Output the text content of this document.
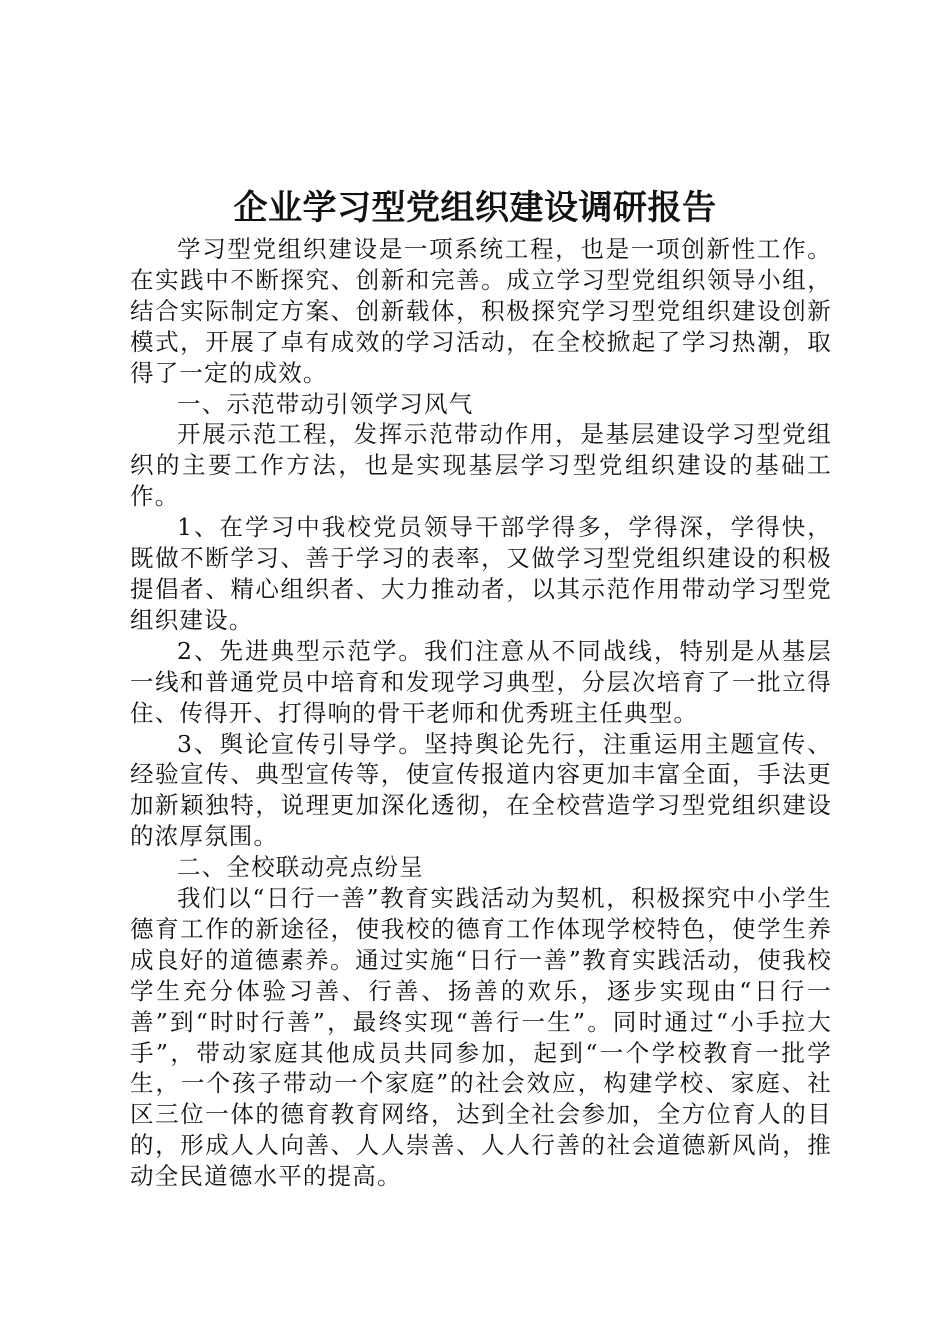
企业学习型党组织建设调研报告

学习型党组织建设是一项系统工程，也是一项创新性工作。在实践中不断探究、创新和完善。成立学习型党组织领导小组，结合实际制定方案、创新载体，积极探究学习型党组织建设创新模式，开展了卓有成效的学习活动，在全校掀起了学习热潮，取得了一定的成效。

一、示范带动引领学习风气

开展示范工程，发挥示范带动作用，是基层建设学习型党组织的主要工作方法，也是实现基层学习型党组织建设的基础工作。

1、在学习中我校党员领导干部学得多，学得深，学得快，既做不断学习、善于学习的表率，又做学习型党组织建设的积极提倡者、精心组织者、大力推动者，以其示范作用带动学习型党组织建设。

2、先进典型示范学。我们注意从不同战线，特别是从基层一线和普通党员中培育和发现学习典型，分层次培育了一批立得住、传得开、打得响的骨干老师和优秀班主任典型。

3、舆论宣传引导学。坚持舆论先行，注重运用主题宣传、经验宣传、典型宣传等，使宣传报道内容更加丰富全面，手法更加新颖独特，说理更加深化透彻，在全校营造学习型党组织建设的浓厚氛围。

二、全校联动亮点纷呈

我们以“日行一善”教育实践活动为契机，积极探究中小学生德育工作的新途径，使我校的德育工作体现学校特色，使学生养成良好的道德素养。通过实施“日行一善”教育实践活动，使我校学生充分体验习善、行善、扬善的欢乐，逐步实现由“日行一善”到“时时行善”，最终实现“善行一生”。同时通过“小手拉大手”，带动家庭其他成员共同参加，起到“一个学校教育一批学生，一个孩子带动一个家庭”的社会效应，构建学校、家庭、社区三位一体的德育教育网络，达到全社会参加，全方位育人的目的，形成人人向善、人人崇善、人人行善的社会道德新风尚，推动全民道德水平的提高。
